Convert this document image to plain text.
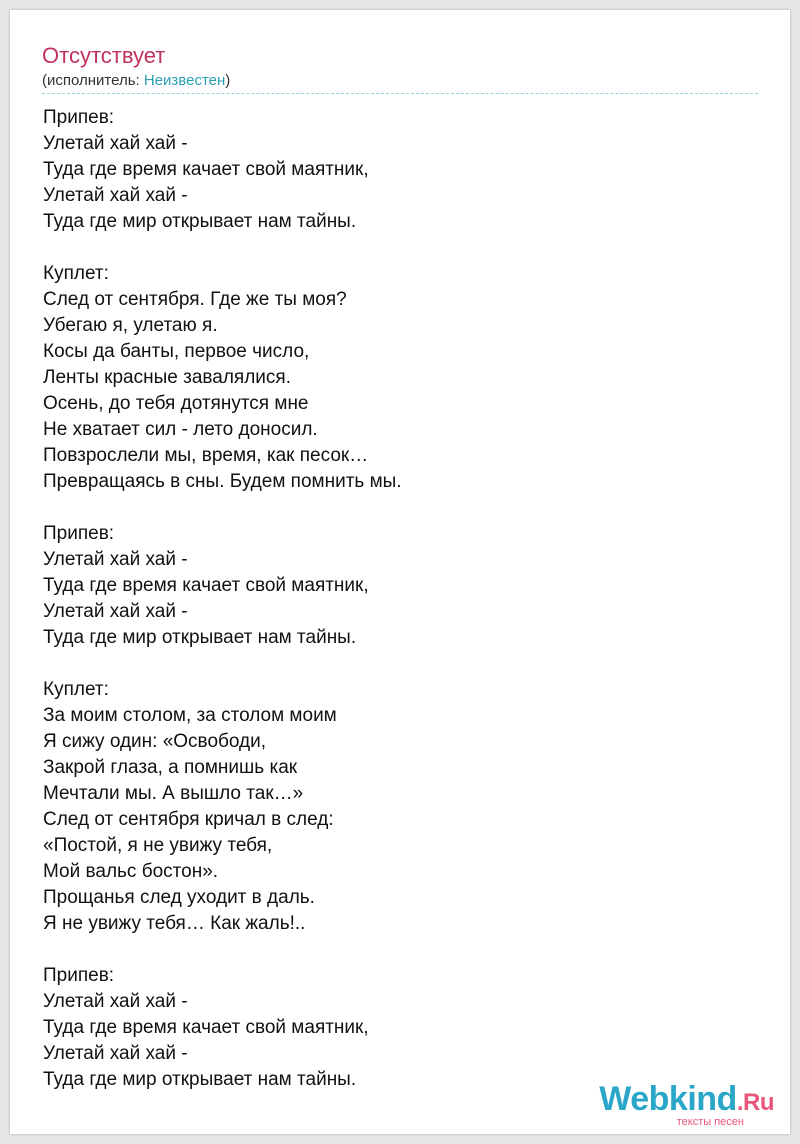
Отсутствует
(исполнитель: Неизвестен)
Припев:
Улетай хай хай -
Туда где время качает свой маятник,
Улетай хай хай -
Туда где мир открывает нам тайны.
Куплет:
След от сентября. Где же ты моя?
Убегаю я, улетаю я.
Косы да банты, первое число,
Ленты красные завалялися.
Осень, до тебя дотянутся мне
Не хватает сил - лето доносил.
Повзрослели мы, время, как песок…
Превращаясь в сны. Будем помнить мы.
Припев:
Улетай хай хай -
Туда где время качает свой маятник,
Улетай хай хай -
Туда где мир открывает нам тайны.
Куплет:
За моим столом, за столом моим
Я сижу один: «Освободи,
Закрой глаза, а помнишь как
Мечтали мы. А вышло так…»
След от сентября кричал в след:
«Постой, я не увижу тебя,
Мой вальс бостон».
Прощанья след уходит в даль.
Я не увижу тебя… Как жаль!..
Припев:
Улетай хай хай -
Туда где время качает свой маятник,
Улетай хай хай -
Туда где мир открывает нам тайны.
Webkind.Ru
тексты песен
